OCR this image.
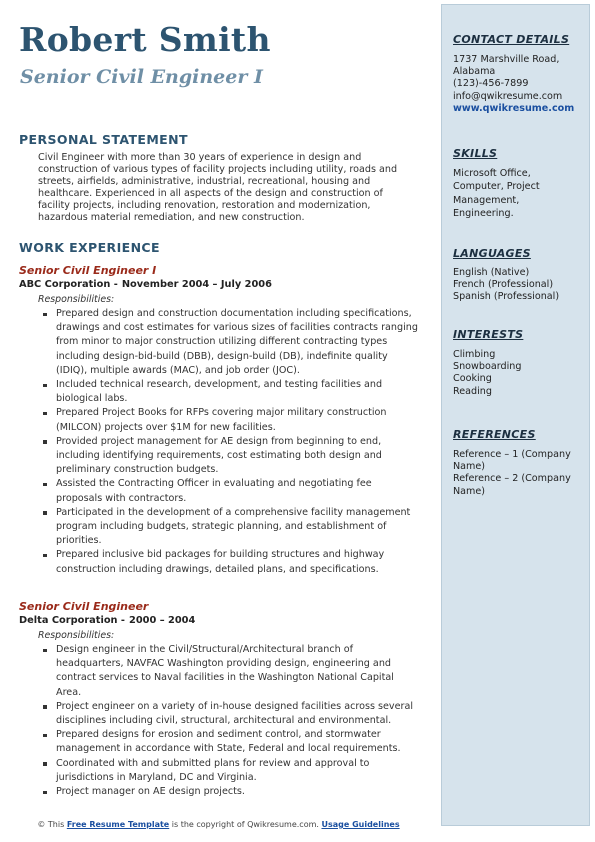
Robert Smith
Senior Civil Engineer I
PERSONAL STATEMENT
Civil Engineer with more than 30 years of experience in design and construction of various types of facility projects including utility, roads and streets, airfields, administrative, industrial, recreational, housing and healthcare. Experienced in all aspects of the design and construction of facility projects, including renovation, restoration and modernization, hazardous material remediation, and new construction.
WORK EXPERIENCE
Senior Civil Engineer I
ABC Corporation - November 2004 – July 2006
Responsibilities:
Prepared design and construction documentation including specifications, drawings and cost estimates for various sizes of facilities contracts ranging from minor to major construction utilizing different contracting types including design-bid-build (DBB), design-build (DB), indefinite quality (IDIQ), multiple awards (MAC), and job order (JOC).
Included technical research, development, and testing facilities and biological labs.
Prepared Project Books for RFPs covering major military construction (MILCON) projects over $1M for new facilities.
Provided project management for AE design from beginning to end, including identifying requirements, cost estimating both design and preliminary construction budgets.
Assisted the Contracting Officer in evaluating and negotiating fee proposals with contractors.
Participated in the development of a comprehensive facility management program including budgets, strategic planning, and establishment of priorities.
Prepared inclusive bid packages for building structures and highway construction including drawings, detailed plans, and specifications.
Senior Civil Engineer
Delta Corporation - 2000 – 2004
Responsibilities:
Design engineer in the Civil/Structural/Architectural branch of headquarters, NAVFAC Washington providing design, engineering and contract services to Naval facilities in the Washington National Capital Area.
Project engineer on a variety of in-house designed facilities across several disciplines including civil, structural, architectural and environmental.
Prepared designs for erosion and sediment control, and stormwater management in accordance with State, Federal and local requirements.
Coordinated with and submitted plans for review and approval to jurisdictions in Maryland, DC and Virginia.
Project manager on AE design projects.
© This Free Resume Template is the copyright of Qwikresume.com. Usage Guidelines
CONTACT DETAILS
1737 Marshville Road,
Alabama
(123)-456-7899
info@qwikresume.com
www.qwikresume.com
SKILLS
Microsoft Office,
Computer, Project
Management,
Engineering.
LANGUAGES
English (Native)
French (Professional)
Spanish (Professional)
INTERESTS
Climbing
Snowboarding
Cooking
Reading
REFERENCES
Reference – 1 (Company
Name)
Reference – 2 (Company
Name)
